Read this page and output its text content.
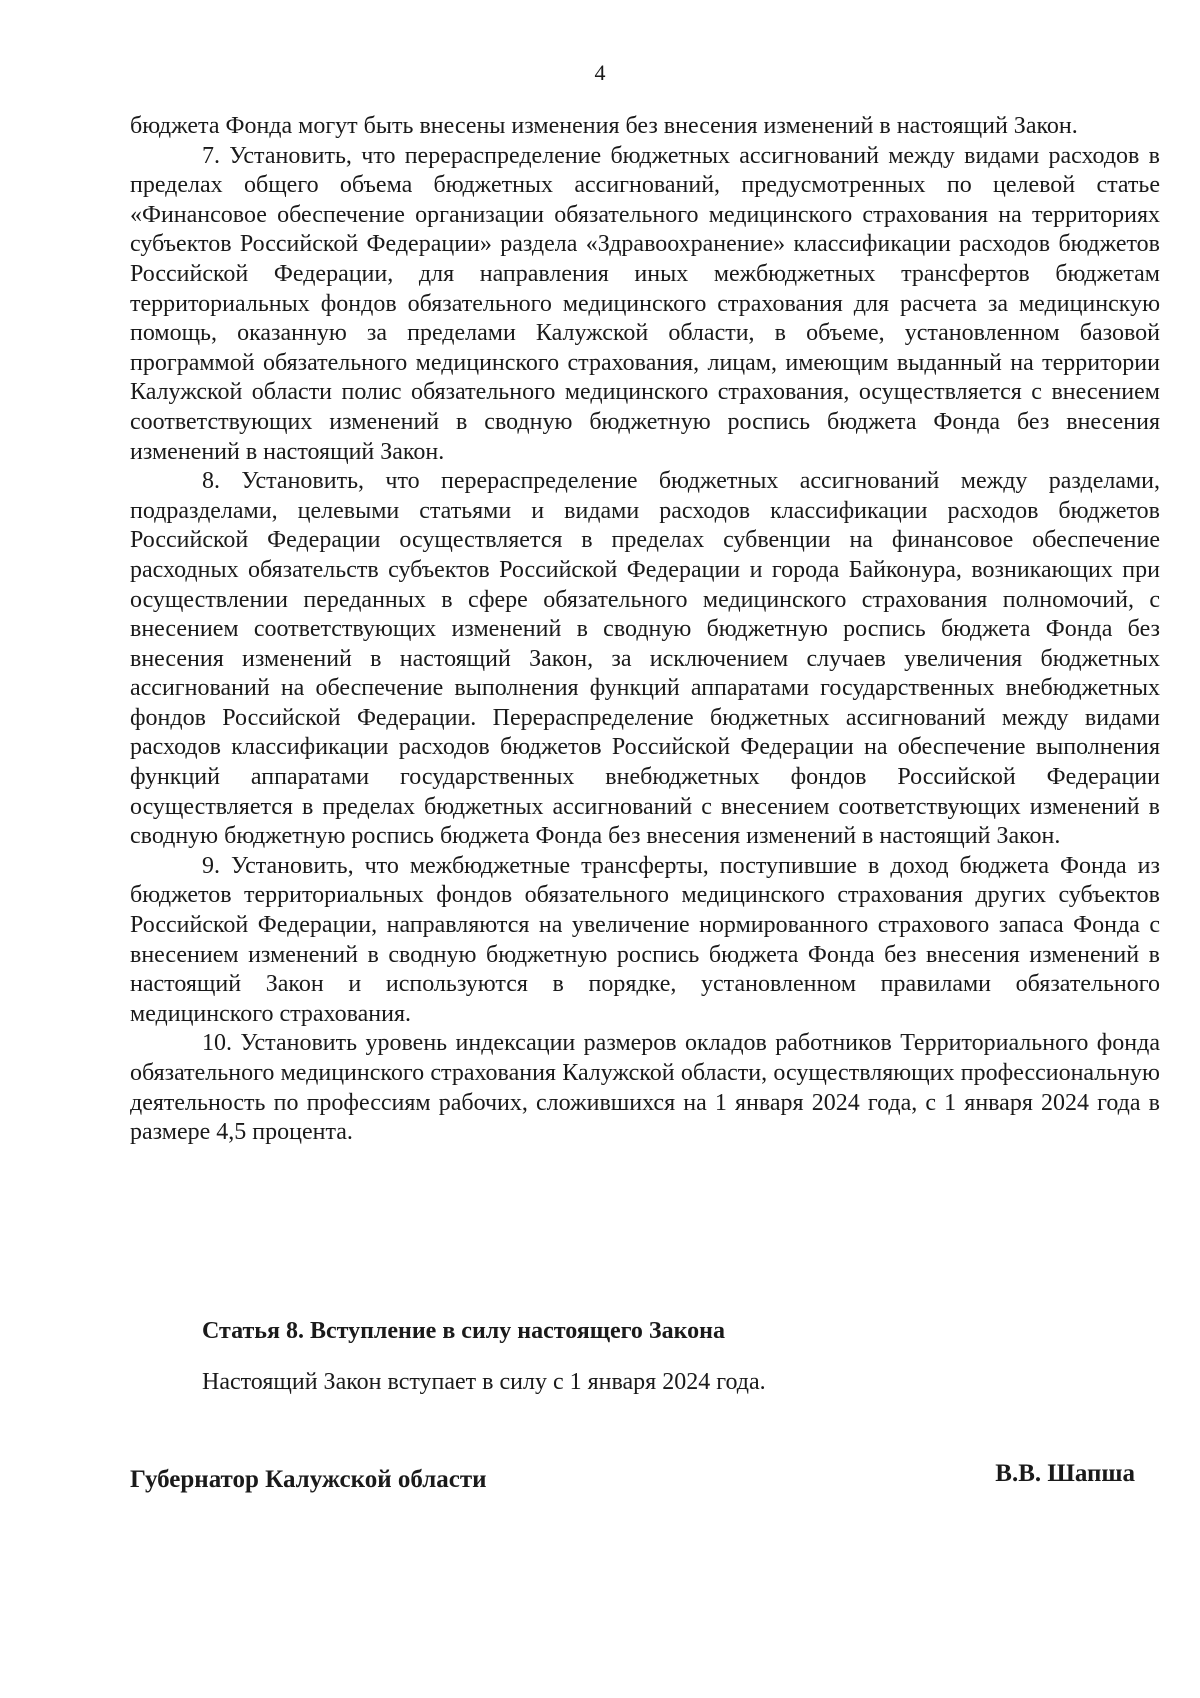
4

бюджета Фонда могут быть внесены изменения без внесения изменений в настоящий Закон.

7. Установить, что перераспределение бюджетных ассигнований между видами расходов в пределах общего объема бюджетных ассигнований, предусмотренных по целевой статье «Финансовое обеспечение организации обязательного медицинского страхования на территориях субъектов Российской Федерации» раздела «Здравоохранение» классификации расходов бюджетов Российской Федерации, для направления иных межбюджетных трансфертов бюджетам территориальных фондов обязательного медицинского страхования для расчета за медицинскую помощь, оказанную за пределами Калужской области, в объеме, установленном базовой программой обязательного медицинского страхования, лицам, имеющим выданный на территории Калужской области полис обязательного медицинского страхования, осуществляется с внесением соответствующих изменений в сводную бюджетную роспись бюджета Фонда без внесения изменений в настоящий Закон.

8. Установить, что перераспределение бюджетных ассигнований между разделами, подразделами, целевыми статьями и видами расходов классификации расходов бюджетов Российской Федерации осуществляется в пределах субвенции на финансовое обеспечение расходных обязательств субъектов Российской Федерации и города Байконура, возникающих при осуществлении переданных в сфере обязательного медицинского страхования полномочий, с внесением соответствующих изменений в сводную бюджетную роспись бюджета Фонда без внесения изменений в настоящий Закон, за исключением случаев увеличения бюджетных ассигнований на обеспечение выполнения функций аппаратами государственных внебюджетных фондов Российской Федерации. Перераспределение бюджетных ассигнований между видами расходов классификации расходов бюджетов Российской Федерации на обеспечение выполнения функций аппаратами государственных внебюджетных фондов Российской Федерации осуществляется в пределах бюджетных ассигнований с внесением соответствующих изменений в сводную бюджетную роспись бюджета Фонда без внесения изменений в настоящий Закон.

9. Установить, что межбюджетные трансферты, поступившие в доход бюджета Фонда из бюджетов территориальных фондов обязательного медицинского страхования других субъектов Российской Федерации, направляются на увеличение нормированного страхового запаса Фонда с внесением изменений в сводную бюджетную роспись бюджета Фонда без внесения изменений в настоящий Закон и используются в порядке, установленном правилами обязательного медицинского страхования.

10. Установить уровень индексации размеров окладов работников Территориального фонда обязательного медицинского страхования Калужской области, осуществляющих профессиональную деятельность по профессиям рабочих, сложившихся на 1 января 2024 года, с 1 января 2024 года в размере 4,5 процента.

Статья 8. Вступление в силу настоящего Закона
Настоящий Закон вступает в силу с 1 января 2024 года.
Губернатор Калужской области	В.В. Шапша
